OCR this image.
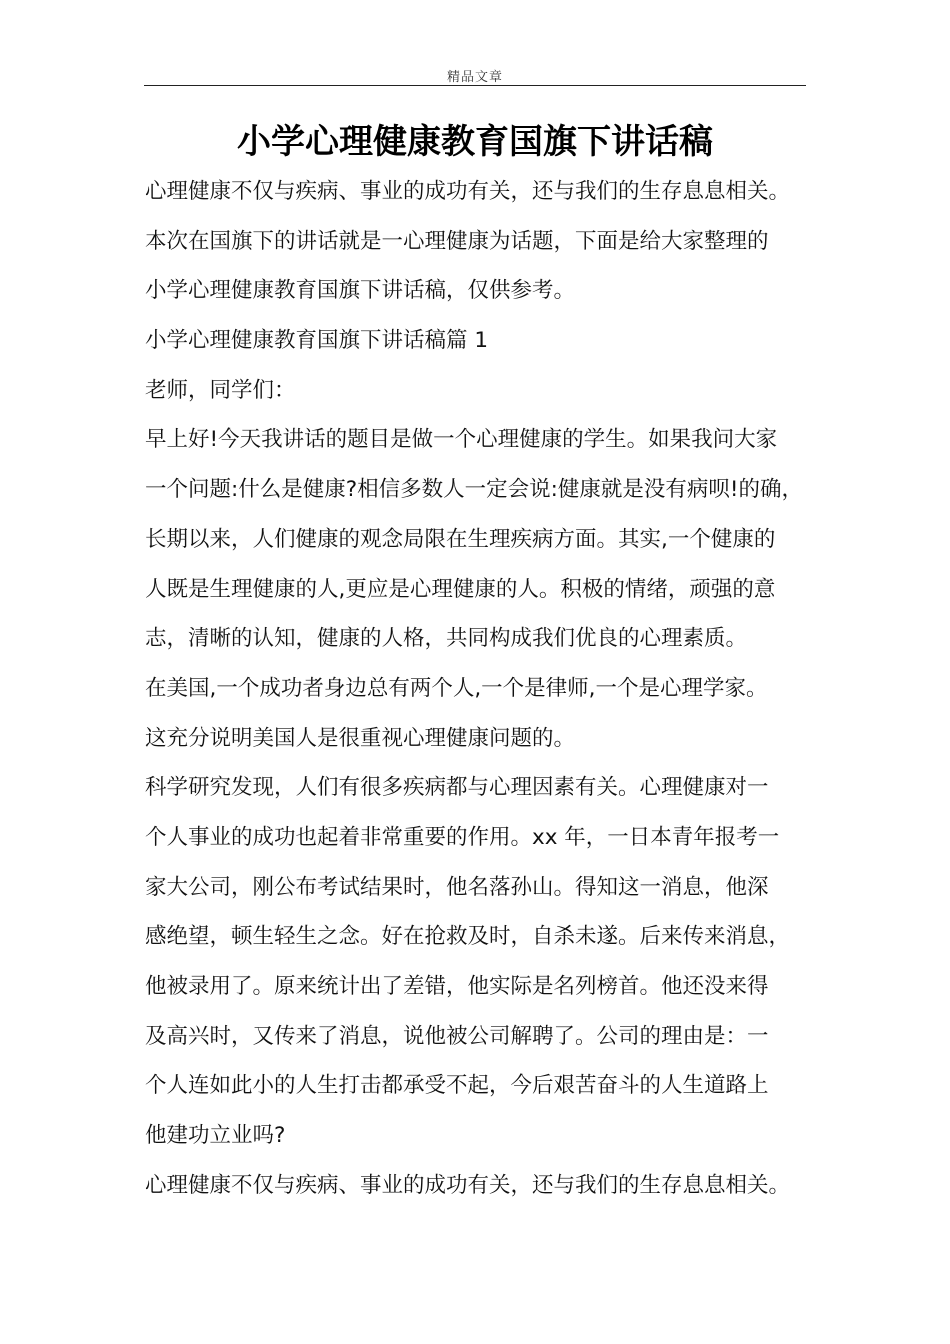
精品文章
小学心理健康教育国旗下讲话稿
心理健康不仅与疾病、事业的成功有关，还与我们的生存息息相关。
本次在国旗下的讲话就是一心理健康为话题，下面是给大家整理的
小学心理健康教育国旗下讲话稿，仅供参考。
小学心理健康教育国旗下讲话稿篇 1
老师，同学们：
早上好!今天我讲话的题目是做一个心理健康的学生。如果我问大家
一个问题:什么是健康?相信多数人一定会说:健康就是没有病呗!的确，
长期以来，人们健康的观念局限在生理疾病方面。其实,一个健康的
人既是生理健康的人,更应是心理健康的人。积极的情绪，顽强的意
志，清晰的认知，健康的人格，共同构成我们优良的心理素质。
在美国,一个成功者身边总有两个人,一个是律师,一个是心理学家。
这充分说明美国人是很重视心理健康问题的。
科学研究发现，人们有很多疾病都与心理因素有关。心理健康对一
个人事业的成功也起着非常重要的作用。xx 年，一日本青年报考一
家大公司，刚公布考试结果时，他名落孙山。得知这一消息，他深
感绝望，顿生轻生之念。好在抢救及时，自杀未遂。后来传来消息，
他被录用了。原来统计出了差错，他实际是名列榜首。他还没来得
及高兴时，又传来了消息，说他被公司解聘了。公司的理由是：一
个人连如此小的人生打击都承受不起，今后艰苦奋斗的人生道路上
他建功立业吗?
心理健康不仅与疾病、事业的成功有关，还与我们的生存息息相关。
